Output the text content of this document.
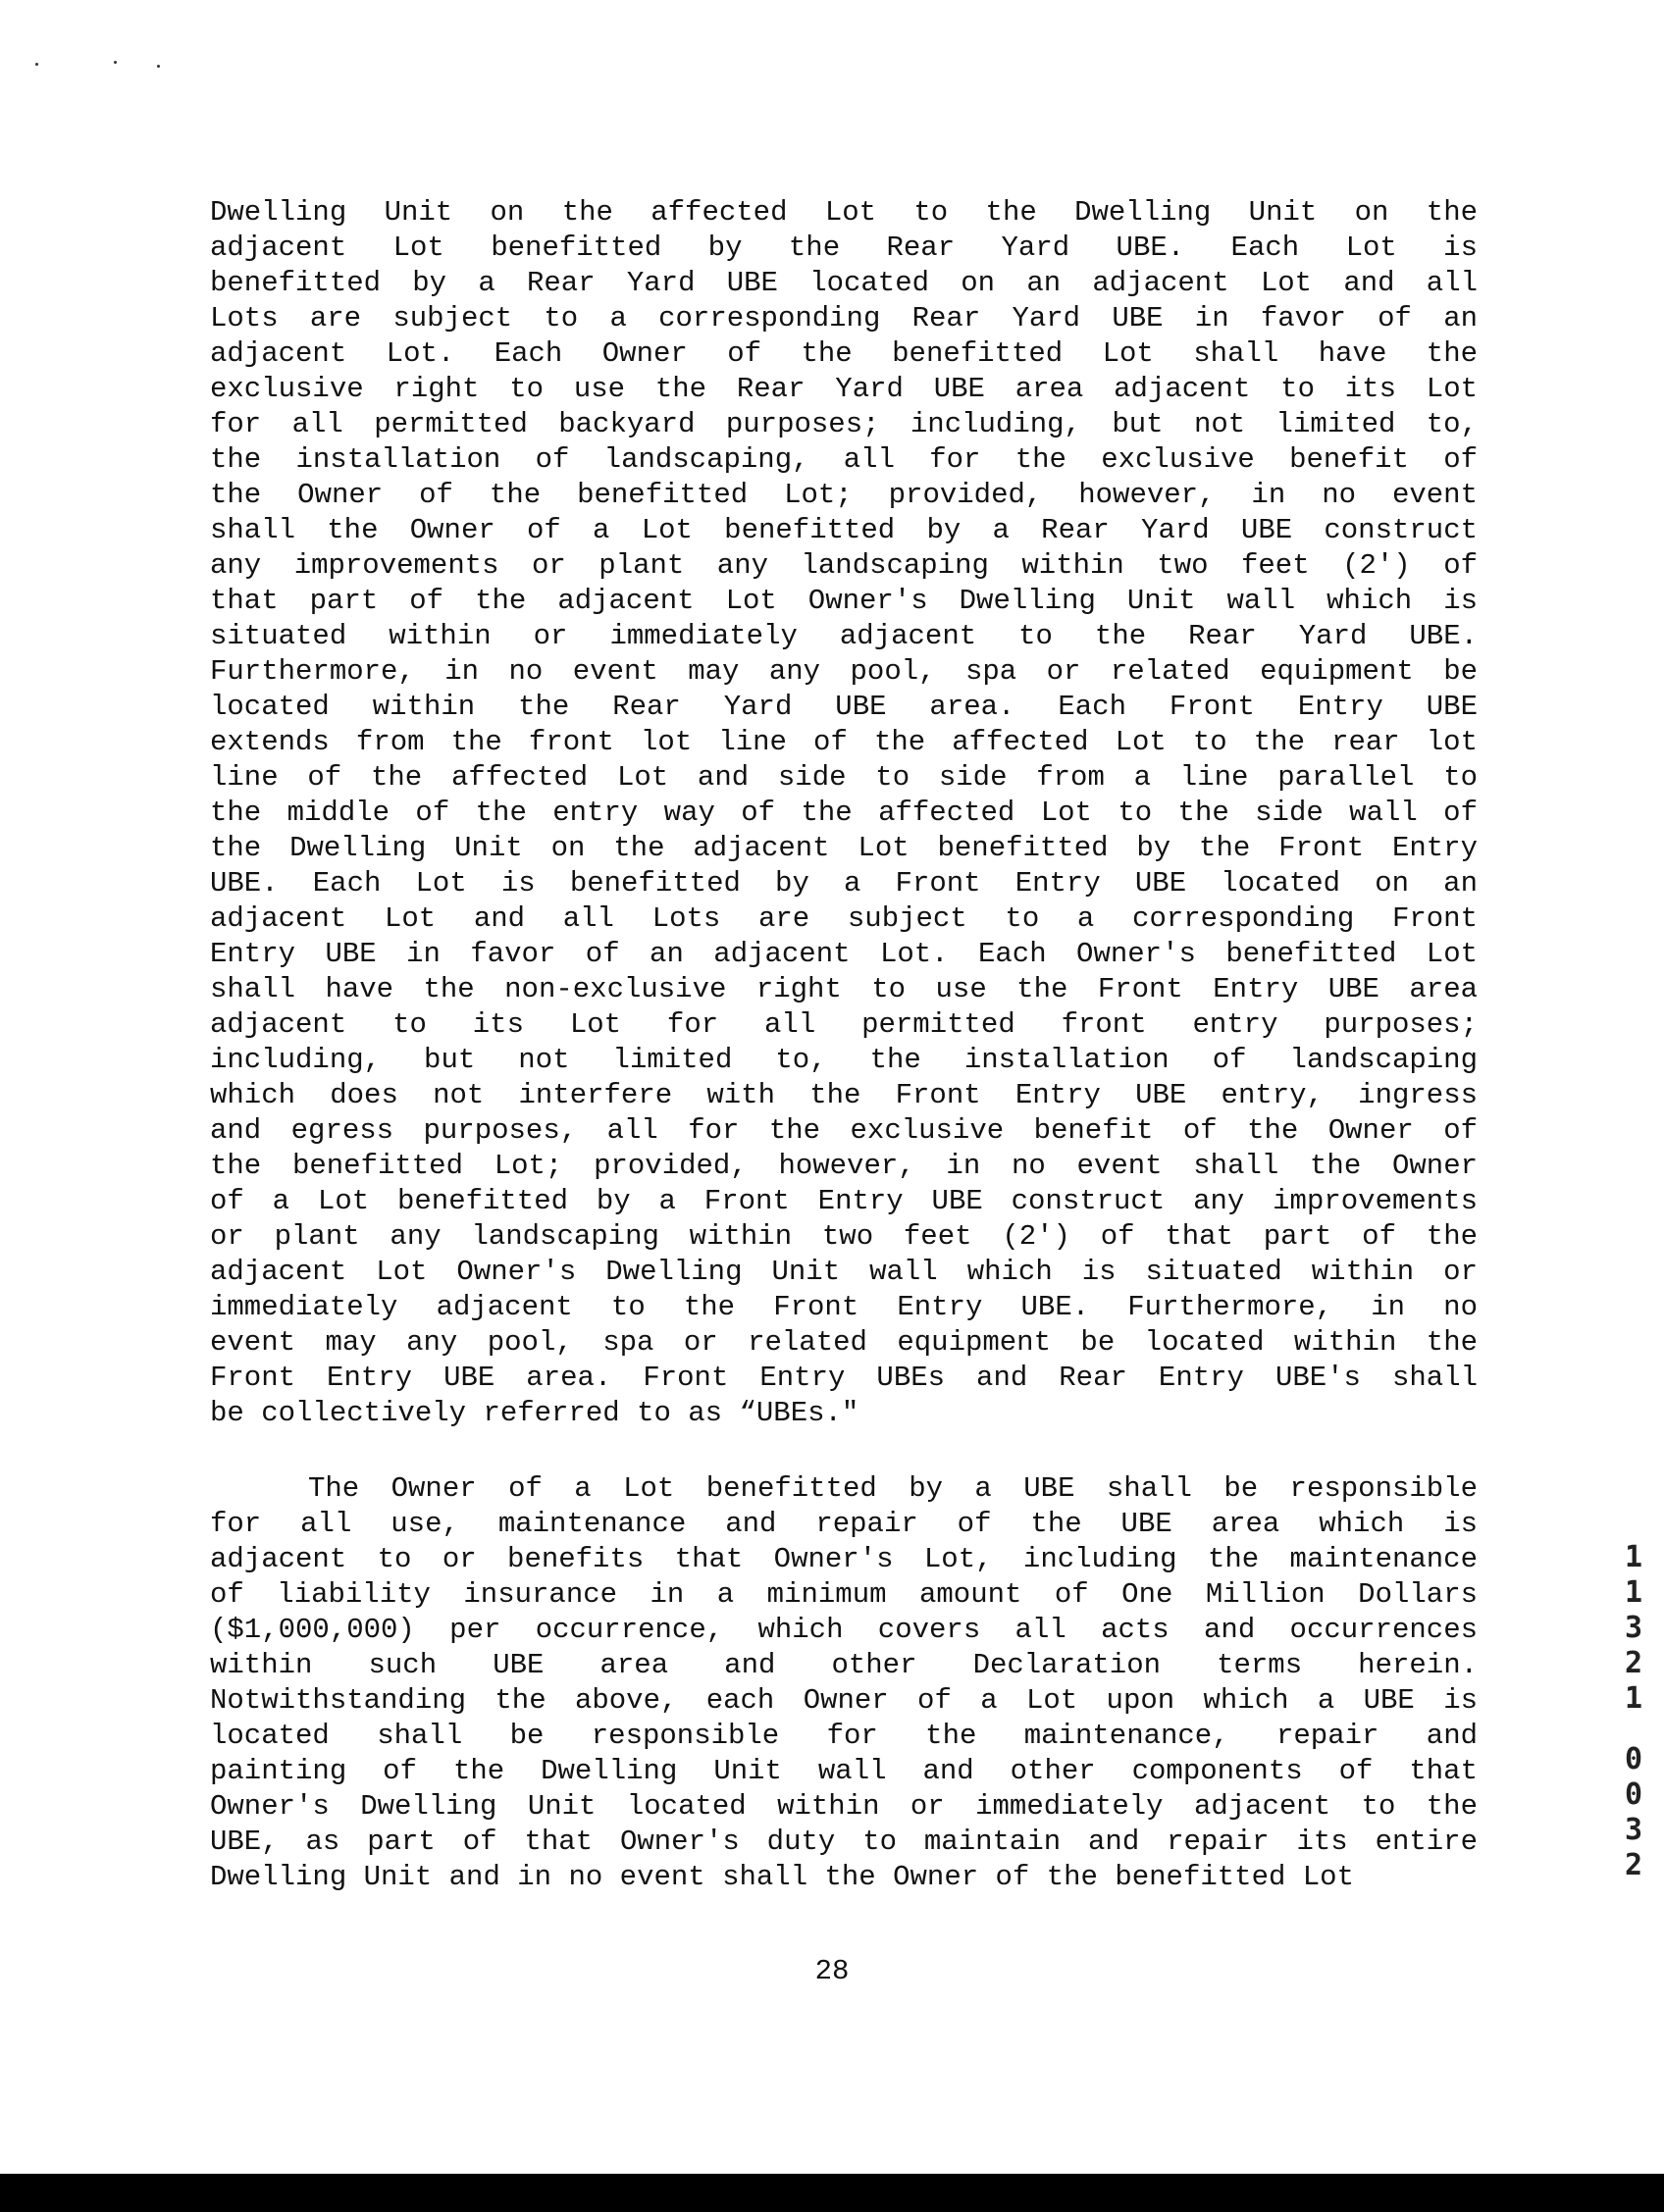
Dwelling Unit on the affected Lot to the Dwelling Unit on the
adjacent Lot benefitted by the Rear Yard UBE. Each Lot is
benefitted by a Rear Yard UBE located on an adjacent Lot and all
Lots are subject to a corresponding Rear Yard UBE in favor of an
adjacent Lot. Each Owner of the benefitted Lot shall have the
exclusive right to use the Rear Yard UBE area adjacent to its Lot
for all permitted backyard purposes; including, but not limited to,
the installation of landscaping, all for the exclusive benefit of
the Owner of the benefitted Lot; provided, however, in no event
shall the Owner of a Lot benefitted by a Rear Yard UBE construct
any improvements or plant any landscaping within two feet (2') of
that part of the adjacent Lot Owner's Dwelling Unit wall which is
situated within or immediately adjacent to the Rear Yard UBE.
Furthermore, in no event may any pool, spa or related equipment be
located within the Rear Yard UBE area. Each Front Entry UBE
extends from the front lot line of the affected Lot to the rear lot
line of the affected Lot and side to side from a line parallel to
the middle of the entry way of the affected Lot to the side wall of
the Dwelling Unit on the adjacent Lot benefitted by the Front Entry
UBE. Each Lot is benefitted by a Front Entry UBE located on an
adjacent Lot and all Lots are subject to a corresponding Front
Entry UBE in favor of an adjacent Lot. Each Owner's benefitted Lot
shall have the non-exclusive right to use the Front Entry UBE area
adjacent to its Lot for all permitted front entry purposes;
including, but not limited to, the installation of landscaping
which does not interfere with the Front Entry UBE entry, ingress
and egress purposes, all for the exclusive benefit of the Owner of
the benefitted Lot; provided, however, in no event shall the Owner
of a Lot benefitted by a Front Entry UBE construct any improvements
or plant any landscaping within two feet (2') of that part of the
adjacent Lot Owner's Dwelling Unit wall which is situated within or
immediately adjacent to the Front Entry UBE. Furthermore, in no
event may any pool, spa or related equipment be located within the
Front Entry UBE area. Front Entry UBEs and Rear Entry UBE's shall
be collectively referred to as “UBEs."
The Owner of a Lot benefitted by a UBE shall be responsible
for all use, maintenance and repair of the UBE area which is
adjacent to or benefits that Owner's Lot, including the maintenance
of liability insurance in a minimum amount of One Million Dollars
($1,000,000) per occurrence, which covers all acts and occurrences
within such UBE area and other Declaration terms herein.
Notwithstanding the above, each Owner of a Lot upon which a UBE is
located shall be responsible for the maintenance, repair and
painting of the Dwelling Unit wall and other components of that
Owner's Dwelling Unit located within or immediately adjacent to the
UBE, as part of that Owner's duty to maintain and repair its entire
Dwelling Unit and in no event shall the Owner of the benefitted Lot
1
1
3
2
1
0
0
3
2
28
